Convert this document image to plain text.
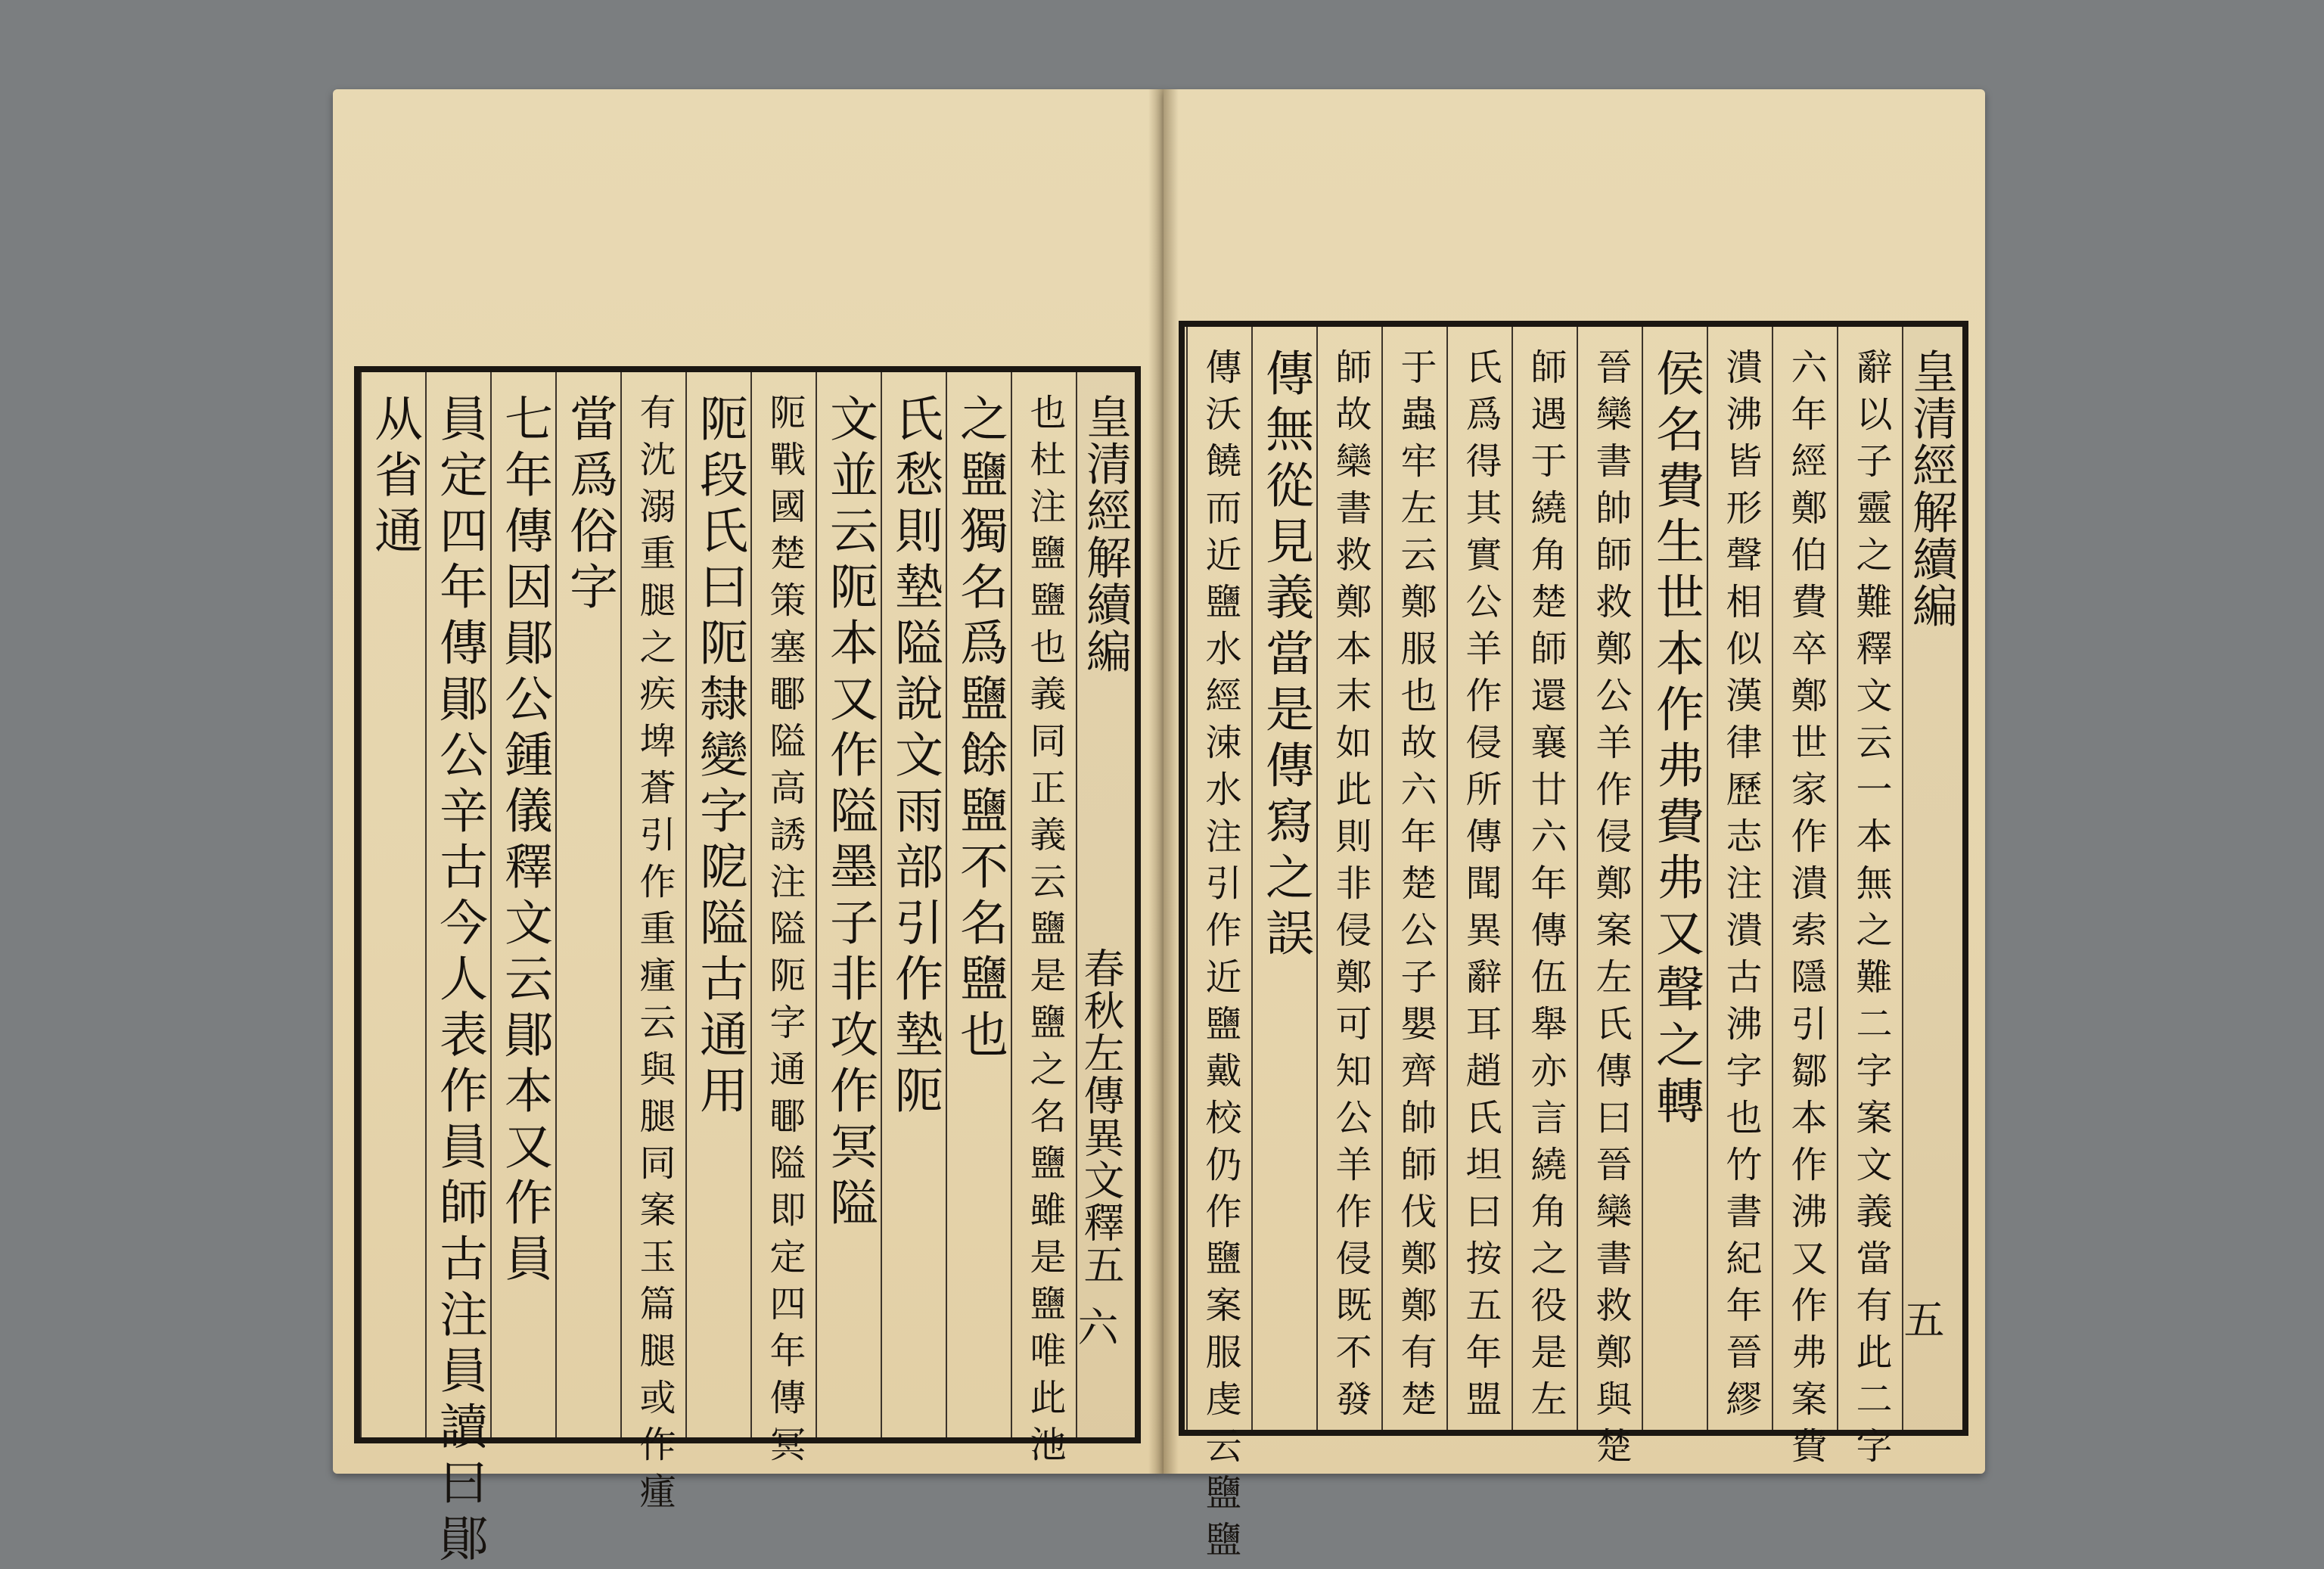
皇清經解續編
春秋左傳異文釋五
六
也杜注鹽鹽也義同正義云鹽是鹽之名鹽雖是鹽唯此池
之鹽獨名爲鹽餘鹽不名鹽也
氏愁則墊隘說文雨部引作墊阨
文並云阨本又作隘墨子非攻作冥隘
阨戰國楚策塞鄳隘高誘注隘阨字通鄳隘即定四年傳冥
阨段氏曰阨隸變字阸隘古通用
有沈溺重腿之疾埤蒼引作重瘇云與腿同案玉篇腿或作瘇
當爲俗字
七年傳因鄖公鍾儀釋文云鄖本又作員
員定四年傳鄖公辛古今人表作員師古注員讀曰鄖
从省通	皇清經解續編
五
辭以子靈之難釋文云一本無之難二字案文義當有此二字
六年經鄭伯費卒鄭世家作潰索隱引鄒本作沸又作弗案費
潰沸皆形聲相似漢律歷志注潰古沸字也竹書紀年晉繆
侯名費生世本作弗費弗又聲之轉
晉欒書帥師救鄭公羊作侵鄭案左氏傳曰晉欒書救鄭與楚
師遇于繞角楚師還襄廿六年傳伍舉亦言繞角之役是左
氏爲得其實公羊作侵所傳聞異辭耳趙氏坦曰按五年盟
于蟲牢左云鄭服也故六年楚公子嬰齊帥師伐鄭鄭有楚
師故欒書救鄭本末如此則非侵鄭可知公羊作侵既不發
傳無從見義當是傳寫之誤
傳沃饒而近鹽水經涑水注引作近鹽戴校仍作鹽案服虔云鹽鹽
